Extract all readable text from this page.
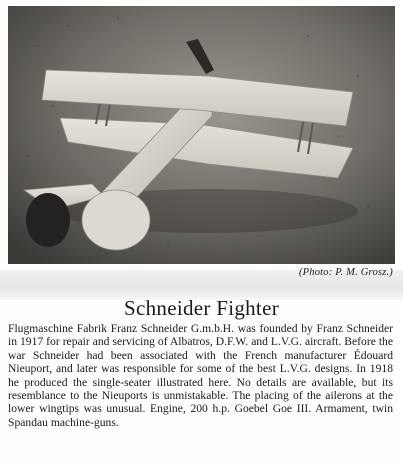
(Photo: P. M. Grosz.)
Schneider Fighter

Flugmaschine Fabrik Franz Schneider G.m.b.H. was founded by Franz Schneider in 1917 for repair and servicing of Albatros, D.F.W. and L.V.G. aircraft. Before the war Schneider had been associated with the French manufacturer Édouard Nieuport, and later was responsible for some of the best L.V.G. designs. In 1918 he produced the single-seater illustrated here. No details are available, but its resemblance to the Nieuports is unmistakable. The placing of the ailerons at the lower wingtips was unusual. Engine, 200 h.p. Goebel Goe III. Armament, twin Spandau machine-guns.
